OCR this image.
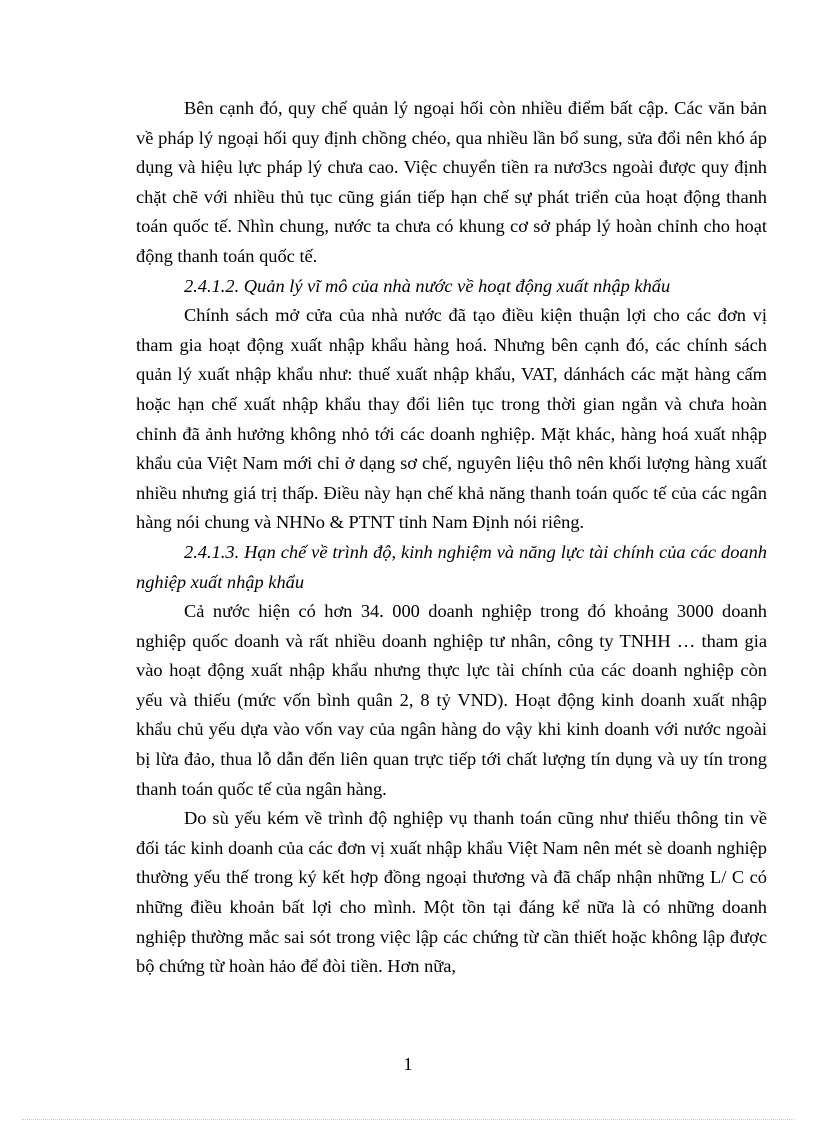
Bên cạnh đó, quy chế quản lý ngoại hối còn nhiều điểm bất cập. Các văn bản về pháp lý ngoại hối quy định chồng chéo, qua nhiều lần bổ sung, sửa đổi nên khó áp dụng và hiệu lực pháp lý chưa cao. Việc chuyển tiền ra nươ3cs ngoài được quy định chặt chẽ với nhiều thủ tục cũng gián tiếp hạn chế sự phát triển của hoạt động thanh toán quốc tế. Nhìn chung, nước ta chưa có khung cơ sở pháp lý hoàn chỉnh cho hoạt động thanh toán quốc tế.

2.4.1.2. Quản lý vĩ mô của nhà nước về hoạt động xuất nhập khẩu

Chính sách mở cửa của nhà nước đã tạo điều kiện thuận lợi cho các đơn vị tham gia hoạt động xuất nhập khẩu hàng hoá. Nhưng bên cạnh đó, các chính sách quản lý xuất nhập khẩu như: thuế xuất nhập khẩu, VAT, dánhách các mặt hàng cấm hoặc hạn chế xuất nhập khẩu thay đổi liên tục trong thời gian ngắn và chưa hoàn chỉnh đã ảnh hưởng không nhỏ tới các doanh nghiệp. Mặt khác, hàng hoá xuất nhập khẩu của Việt Nam mới chỉ ở dạng sơ chế, nguyên liệu thô nên khối lượng hàng xuất nhiều nhưng giá trị thấp. Điều này hạn chế khả năng thanh toán quốc tế của các ngân hàng nói chung và NHNo & PTNT tỉnh Nam Định nói riêng.

2.4.1.3. Hạn chế về trình độ, kinh nghiệm và năng lực tài chính của các doanh nghiệp xuất nhập khẩu

Cả nước hiện có hơn 34. 000 doanh nghiệp trong đó khoảng 3000 doanh nghiệp quốc doanh và rất nhiều doanh nghiệp tư nhân, công ty TNHH … tham gia vào hoạt động xuất nhập khẩu nhưng thực lực tài chính của các doanh nghiệp còn yếu và thiếu (mức vốn bình quân 2, 8 tỷ VND). Hoạt động kinh doanh xuất nhập khẩu chủ yếu dựa vào vốn vay của ngân hàng do vậy khi kinh doanh với nước ngoài bị lừa đảo, thua lỗ dẫn đến liên quan trực tiếp tới chất lượng tín dụng và uy tín trong thanh toán quốc tế của ngân hàng.

Do sù yếu kém về trình độ nghiệp vụ thanh toán cũng như thiếu thông tin về đối tác kinh doanh của các đơn vị xuất nhập khẩu Việt Nam nên mét sè doanh nghiệp thường yếu thế trong ký kết hợp đồng ngoại thương và đã chấp nhận những L/ C có những điều khoản bất lợi cho mình. Một tồn tại đáng kể nữa là có những doanh nghiệp thường mắc sai sót trong việc lập các chứng từ cần thiết hoặc không lập được bộ chứng từ hoàn hảo để đòi tiền. Hơn nữa,

1
